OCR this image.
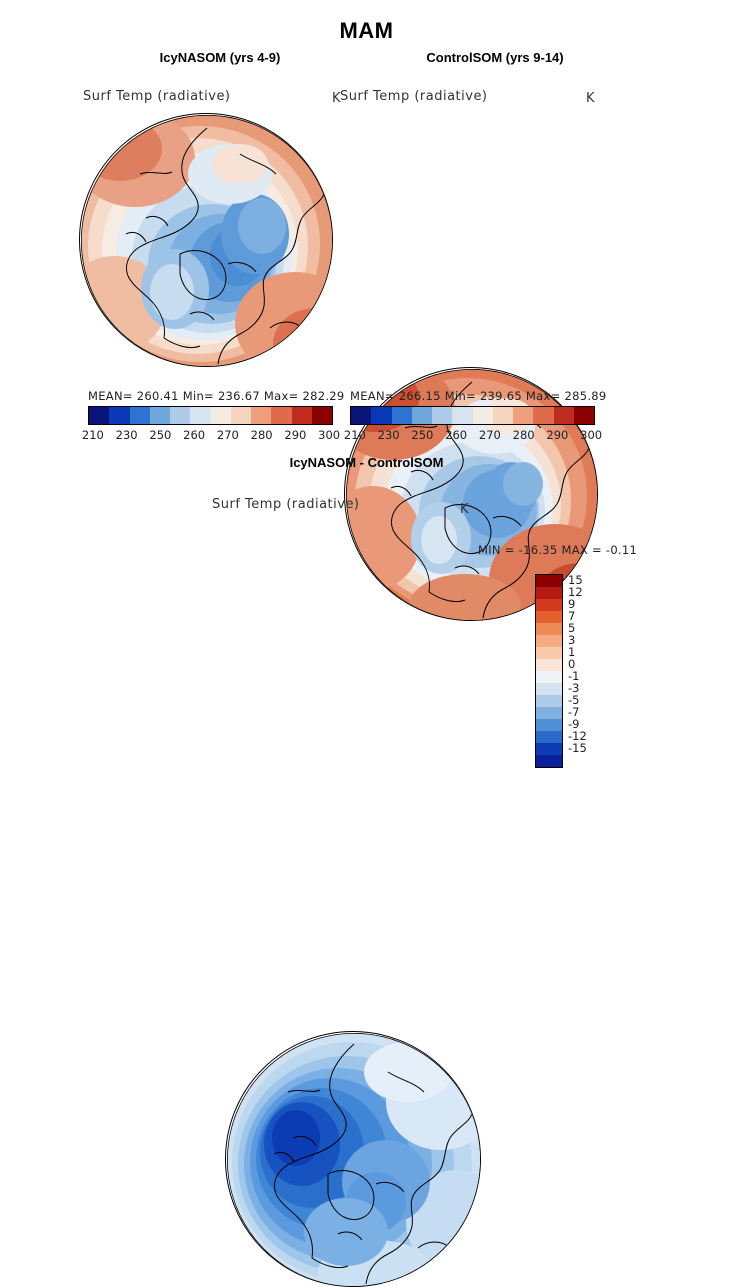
MAM
IcyNASOM (yrs 4-9)	ControlSOM (yrs 9-14)
Surf Temp (radiative)	K Surf Temp (radiative)	K
MEAN= 260.41 Min= 236.67 Max= 282.29 MEAN= 266.15 Min= 239.65 Max= 285.89
210	230	250	260	270	280	290	300 210	230	250	260	270	280	290	300
IcyNASOM - ControlSOM
Surf Temp (radiative)	K
MIN = -16.35 MAX = -0.11
15
12
9
7
5
3
1
0
-1
-3
-5
-7
-9
-12
-15
